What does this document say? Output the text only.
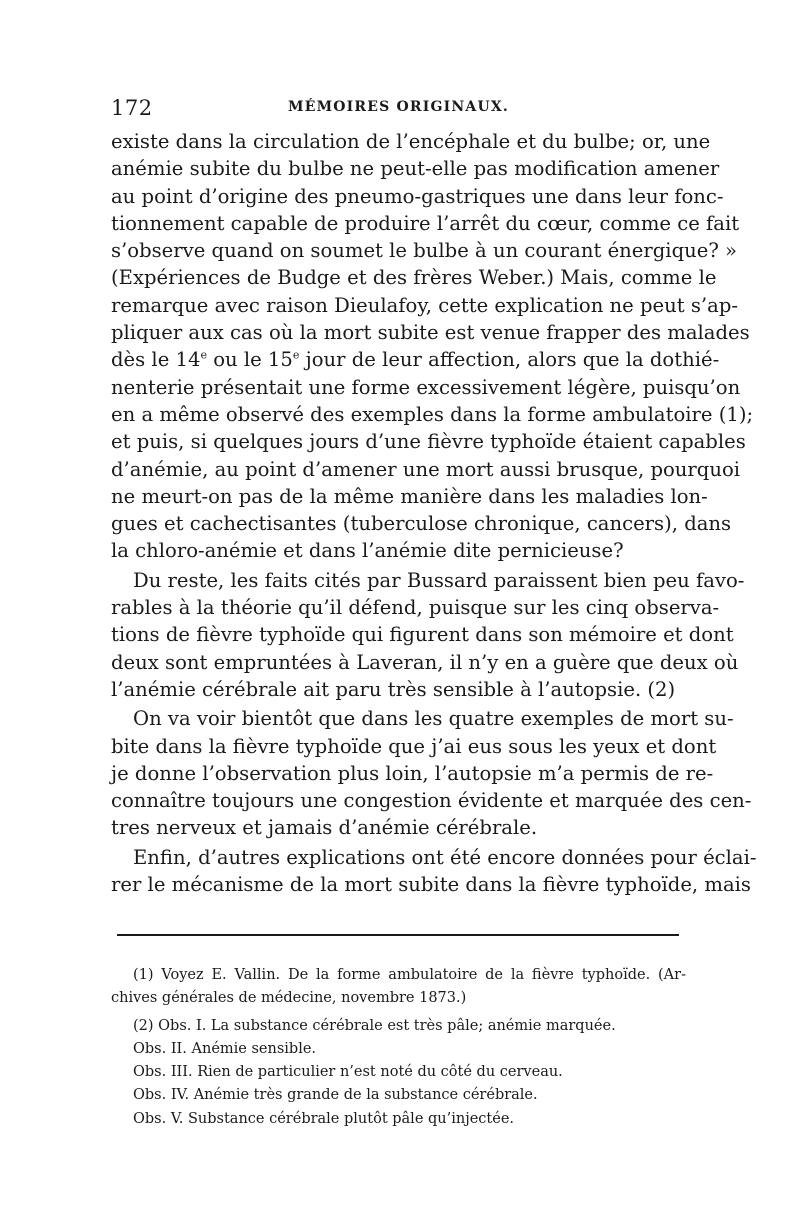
172	MÉMOIRES ORIGINAUX.
existe dans la circulation de l’encéphale et du bulbe; or, une
anémie subite du bulbe ne peut-elle pas modification amener
au point d’origine des pneumo-gastriques une dans leur fonc-
tionnement capable de produire l’arrêt du cœur, comme ce fait
s’observe quand on soumet le bulbe à un courant énergique? »
(Expériences de Budge et des frères Weber.) Mais, comme le
remarque avec raison Dieulafoy, cette explication ne peut s’ap-
pliquer aux cas où la mort subite est venue frapper des malades
dès le 14e ou le 15e jour de leur affection, alors que la dothié-
nenterie présentait une forme excessivement légère, puisqu’on
en a même observé des exemples dans la forme ambulatoire (1);
et puis, si quelques jours d’une fièvre typhoïde étaient capables
d’anémie, au point d’amener une mort aussi brusque, pourquoi
ne meurt-on pas de la même manière dans les maladies lon-
gues et cachectisantes (tuberculose chronique, cancers), dans
la chloro-anémie et dans l’anémie dite pernicieuse?
Du reste, les faits cités par Bussard paraissent bien peu favo-
rables à la théorie qu’il défend, puisque sur les cinq observa-
tions de fièvre typhoïde qui figurent dans son mémoire et dont
deux sont empruntées à Laveran, il n’y en a guère que deux où
l’anémie cérébrale ait paru très sensible à l’autopsie. (2)
On va voir bientôt que dans les quatre exemples de mort su-
bite dans la fièvre typhoïde que j’ai eus sous les yeux et dont
je donne l’observation plus loin, l’autopsie m’a permis de re-
connaître toujours une congestion évidente et marquée des cen-
tres nerveux et jamais d’anémie cérébrale.
Enfin, d’autres explications ont été encore données pour éclai-
rer le mécanisme de la mort subite dans la fièvre typhoïde, mais
(1) Voyez E. Vallin. De la forme ambulatoire de la fièvre typhoïde. (Ar-
chives générales de médecine, novembre 1873.)
(2) Obs. I. La substance cérébrale est très pâle; anémie marquée.
Obs. II. Anémie sensible.
Obs. III. Rien de particulier n’est noté du côté du cerveau.
Obs. IV. Anémie très grande de la substance cérébrale.
Obs. V. Substance cérébrale plutôt pâle qu’injectée.
